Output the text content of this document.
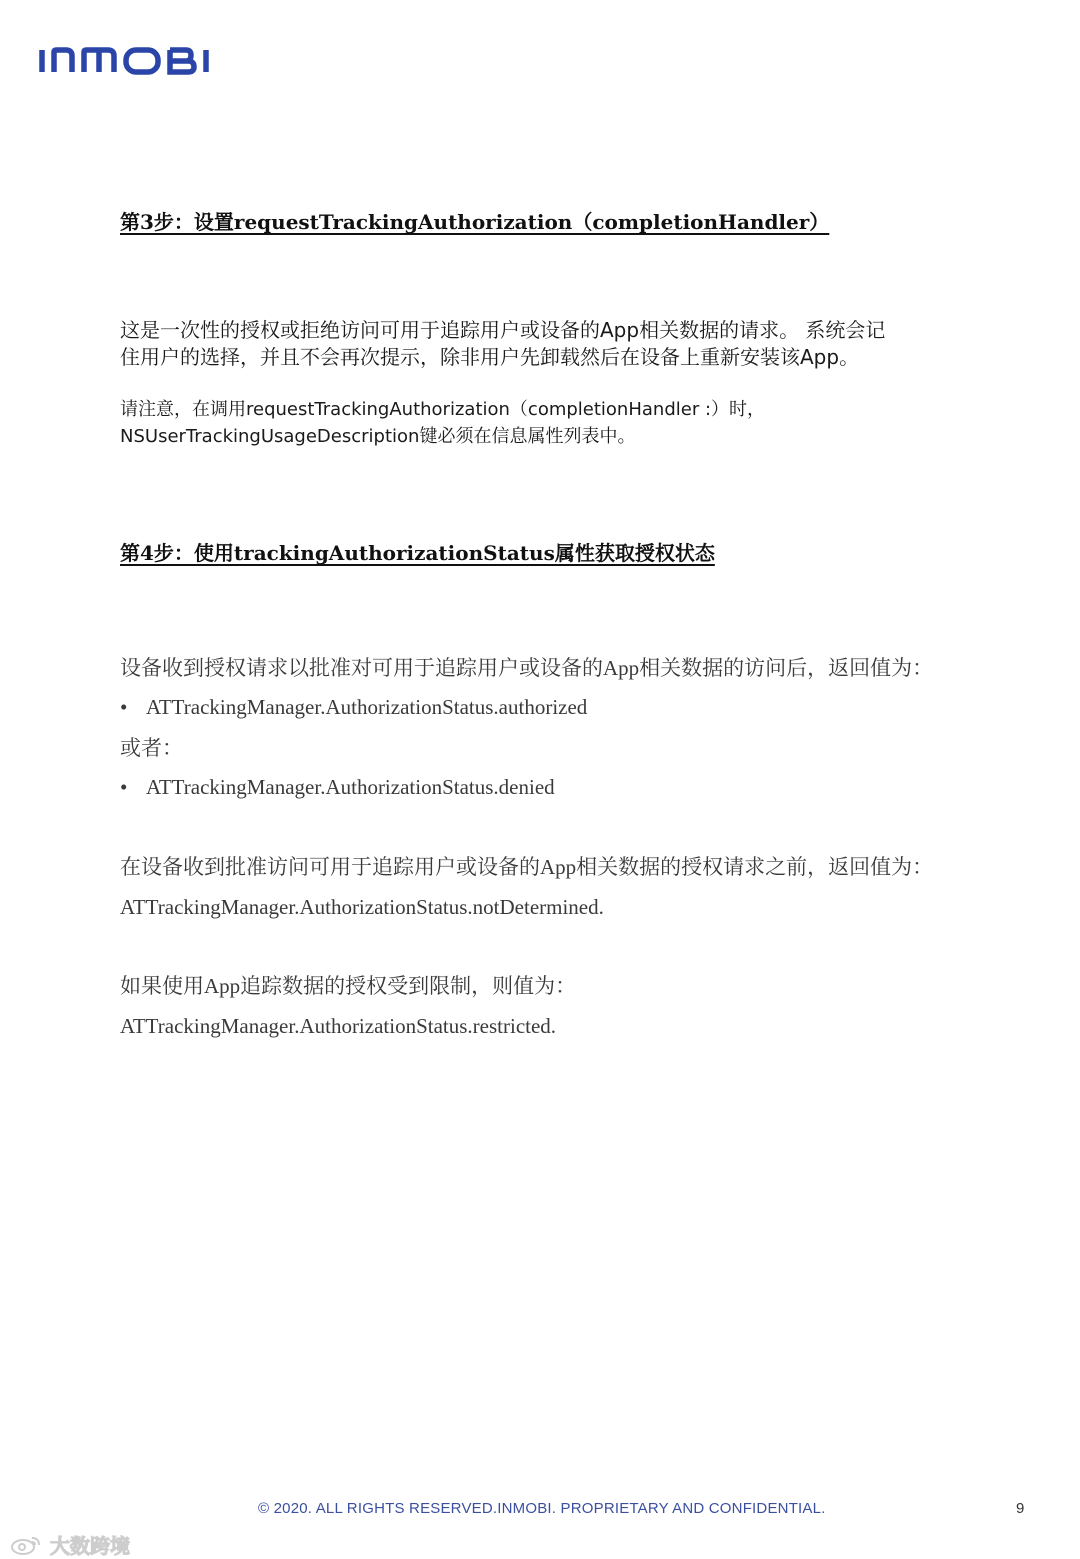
第3步：设置requestTrackingAuthorization（completionHandler）
这是一次性的授权或拒绝访问可用于追踪用户或设备的App相关数据的请求。 系统会记
住用户的选择，并且不会再次提示，除非用户先卸载然后在设备上重新安装该App。
请注意，在调用requestTrackingAuthorization（completionHandler :）时，
NSUserTrackingUsageDescription键必须在信息属性列表中。
第4步：使用trackingAuthorizationStatus属性获取授权状态
设备收到授权请求以批准对可用于追踪用户或设备的App相关数据的访问后，返回值为：
• ATTrackingManager.AuthorizationStatus.authorized
或者：
• ATTrackingManager.AuthorizationStatus.denied
在设备收到批准访问可用于追踪用户或设备的App相关数据的授权请求之前，返回值为：
ATTrackingManager.AuthorizationStatus.notDetermined.
如果使用App追踪数据的授权受到限制，则值为：
ATTrackingManager.AuthorizationStatus.restricted.
© 2020. ALL RIGHTS RESERVED.INMOBI. PROPRIETARY AND CONFIDENTIAL.	9
大数跨境
